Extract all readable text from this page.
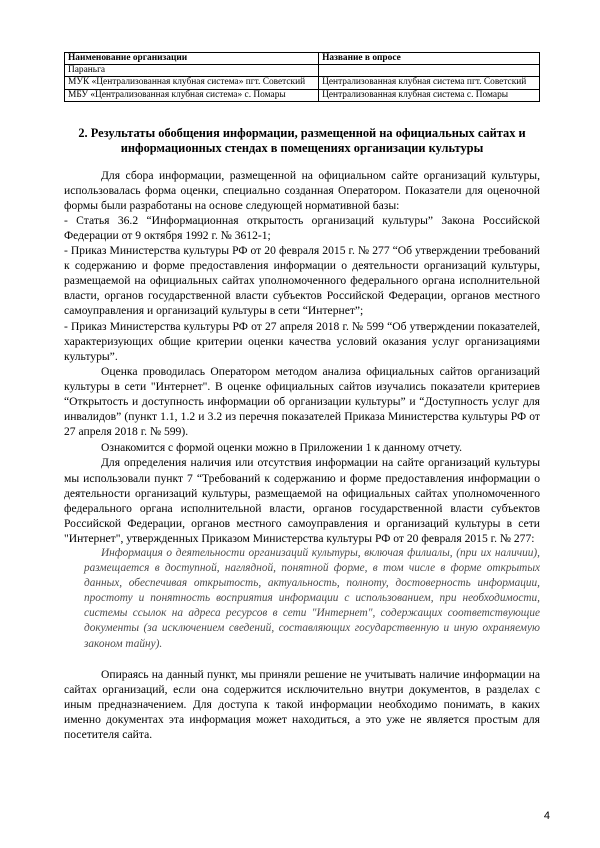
Наименование организации	Название в опросе
Параньга	
МУК «Централизованная клубная система» пгт. Советский	Централизованная клубная система пгт. Советский
МБУ «Централизованная клубная система» с. Помары	Централизованная клубная система с. Помары
2. Результаты обобщения информации, размещенной на официальных сайтах и информационных стендах в помещениях организации культуры

Для сбора информации, размещенной на официальном сайте организаций культуры, использовалась форма оценки, специально созданная Оператором. Показатели для оценочной формы были разработаны на основе следующей нормативной базы:

- Статья 36.2 “Информационная открытость организаций культуры” Закона Российской Федерации от 9 октября 1992 г. № 3612-1;

- Приказ Министерства культуры РФ от 20 февраля 2015 г. № 277 “Об утверждении требований к содержанию и форме предоставления информации о деятельности организаций культуры, размещаемой на официальных сайтах уполномоченного федерального органа исполнительной власти, органов государственной власти субъектов Российской Федерации, органов местного самоуправления и организаций культуры в сети “Интернет”;

- Приказ Министерства культуры РФ от 27 апреля 2018 г. № 599 “Об утверждении показателей, характеризующих общие критерии оценки качества условий оказания услуг организациями культуры”.

Оценка проводилась Оператором методом анализа официальных сайтов организаций культуры в сети "Интернет". В оценке официальных сайтов изучались показатели критериев “Открытость и доступность информации об организации культуры” и “Доступность услуг для инвалидов” (пункт 1.1, 1.2 и 3.2 из перечня показателей Приказа Министерства культуры РФ от 27 апреля 2018 г. № 599).

Ознакомится с формой оценки можно в Приложении 1 к данному отчету.

Для определения наличия или отсутствия информации на сайте организаций культуры мы использовали пункт 7 “Требований к содержанию и форме предоставления информации о деятельности организаций культуры, размещаемой на официальных сайтах уполномоченного федерального органа исполнительной власти, органов государственной власти субъектов Российской Федерации, органов местного самоуправления и организаций культуры в сети "Интернет", утвержденных Приказом Министерства культуры РФ от 20 февраля 2015 г. № 277:

Информация о деятельности организаций культуры, включая филиалы, (при их наличии), размещается в доступной, наглядной, понятной форме, в том числе в форме открытых данных, обеспечивая открытость, актуальность, полноту, достоверность информации, простоту и понятность восприятия информации с использованием, при необходимости, системы ссылок на адреса ресурсов в сети "Интернет", содержащих соответствующие документы (за исключением сведений, составляющих государственную и иную охраняемую законом тайну).

Опираясь на данный пункт, мы приняли решение не учитывать наличие информации на сайтах организаций, если она содержится исключительно внутри документов, в разделах с иным предназначением. Для доступа к такой информации необходимо понимать, в каких именно документах эта информация может находиться, а это уже не является простым для посетителя сайта.

4
